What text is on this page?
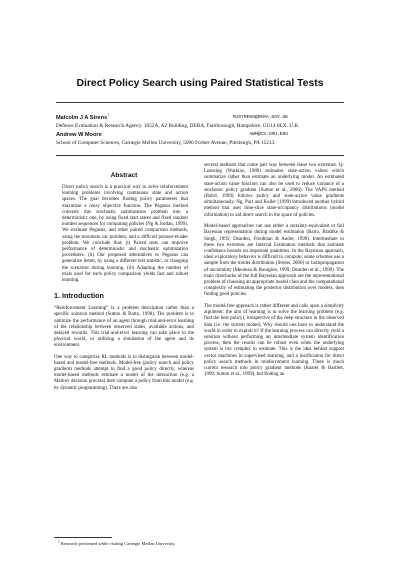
Direct Policy Search using Paired Statistical Tests
Malcolm J A Strens$^1$	MJSTRENS@DERA.GOV.UK
Defence Evaluation & Research Agency. 1052A, A2 Building, DERA, Farnborough, Hampshire. GU14 0LX. U.K.
Andrew W Moore	AWM@CS.CMU.EDU
School of Computer Sciences, Carnegie Mellon University, 5000 Forbes Avenue, Pittsburgh, PA 15213.
Abstract

Direct policy search is a practical way to solve reinforcement learning problems involving continuous state and action spaces. The goal becomes finding policy parameters that maximize a noisy objective function. The Pegasus method converts this stochastic optimization problem into a deterministic one, by using fixed start states and fixed random number sequences for comparing policies (Ng & Jordan, 1999). We evaluate Pegasus, and other paired comparison methods, using the mountain car problem, and a difficult pursuer-evader problem. We conclude that: (i) Paired tests can improve performance of deterministic and stochastic optimization procedures. (ii) Our proposed alternatives to Pegasus can generalize better, by using a different test statistic, or changing the scenarios during learning. (iii) Adapting the number of trials used for each policy comparison yields fast and robust learning.

1. Introduction

“Reinforcement Learning” is a problem description rather than a specific solution method (Sutton & Barto, 1998). The problem is to optimize the performance of an agent through trial-and-error learning of the relationship between observed states, available actions, and delayed rewards. This trial-and-error learning can take place in the physical world, or utilizing a simulation of the agent and its environment.

One way to categorize RL methods is to distinguish between model-based and model-free methods. Model-free (policy search and policy gradient) methods attempt to find a good policy directly, whereas model-based methods estimate a model of the interaction (e.g. a Markov decision process) then compute a policy from this model (e.g. by dynamic programming). There are also

several methods that come part way between these two extremes. Q-Learning (Watkins, 1989) estimates state-action values which summarize rather than estimate an underlying model. An estimated state-action value function can also be used to reduce variance of a stochastic policy gradient (Sutton et al., 2000). The VAPS method (Baird, 1999) follows policy and state-action value gradients simultaneously. Ng, Parr and Koller (1999) introduced another hybrid method that uses time-slice state-occupancy distributions (model information) to aid direct search in the space of policies.

Model-based approaches can use either a certainty-equivalent or full Bayesian representation during model estimation (Barto, Bradtke & Singh, 1995; Dearden, Friedman & Andre, 1999). Intermediate to these two extremes are Interval Estimation methods that estimate confidence bounds on important quantities. In the Bayesian approach, ideal exploratory behavior is difficult to compute; some schemes use a sample from the model distribution (Strens, 2000) or backpropagation of uncertainty (Meuleau & Bourgine, 1999; Dearden et al., 1999). The main drawbacks of the full Bayesian approach are the representational problem of choosing an appropriate model class and the computational complexity of estimating the posterior distribution over models, then finding good policies.

The model-free approach is rather different and calls upon a simplicity argument: the aim of learning is to solve the learning problem (e.g. find the best policy), irrespective of the deep structure in the observed data (i.e. the system model). Why should one have to understand the world in order to exploit it? If the learning process can directly yield a solution without performing an intermediate system identification process, then the results can be robust even when the underlying system is too complex to estimate. This is the idea behind support vector machines in supervised learning, and a justification for direct policy search methods in reinforcement learning. There is much current research into policy gradient methods (Baxter & Bartlett, 1999; Sutton et al., 1999), but finding an

$^1$ Research performed while visiting Carnegie Mellon University.
